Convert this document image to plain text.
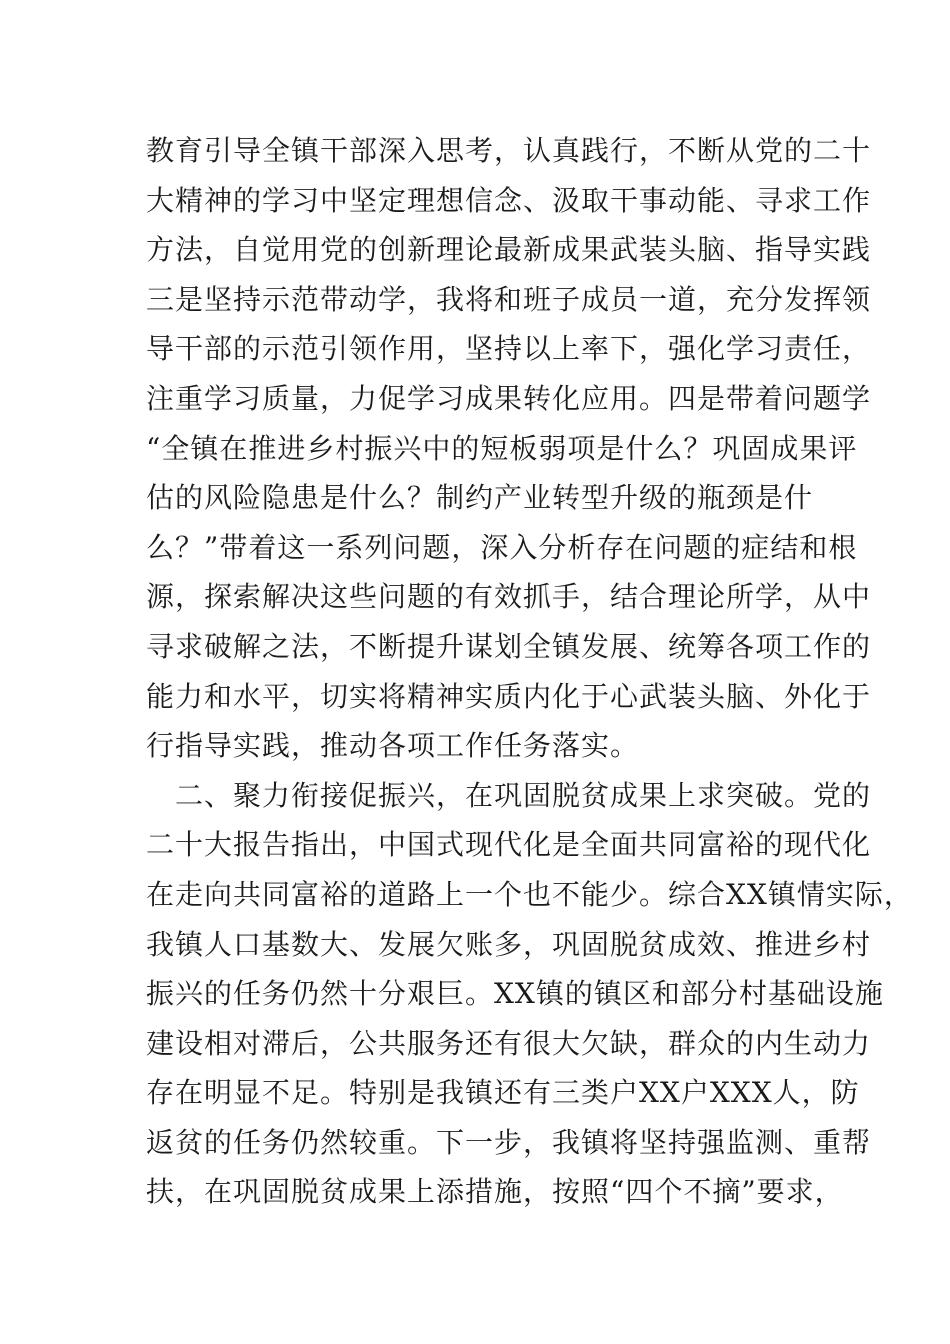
教育引导全镇干部深入思考，认真践行，不断从党的二十
大精神的学习中坚定理想信念、汲取干事动能、寻求工作
方法，自觉用党的创新理论最新成果武装头脑、指导实践
三是坚持示范带动学，我将和班子成员一道，充分发挥领
导干部的示范引领作用，坚持以上率下，强化学习责任，
注重学习质量，力促学习成果转化应用。四是带着问题学
“全镇在推进乡村振兴中的短板弱项是什么？巩固成果评
估的风险隐患是什么？制约产业转型升级的瓶颈是什
么？”带着这一系列问题，深入分析存在问题的症结和根
源，探索解决这些问题的有效抓手，结合理论所学，从中
寻求破解之法，不断提升谋划全镇发展、统筹各项工作的
能力和水平，切实将精神实质内化于心武装头脑、外化于
行指导实践，推动各项工作任务落实。
　二、聚力衔接促振兴，在巩固脱贫成果上求突破。党的
二十大报告指出，中国式现代化是全面共同富裕的现代化
在走向共同富裕的道路上一个也不能少。综合XX镇情实际，
我镇人口基数大、发展欠账多，巩固脱贫成效、推进乡村
振兴的任务仍然十分艰巨。XX镇的镇区和部分村基础设施
建设相对滞后，公共服务还有很大欠缺，群众的内生动力
存在明显不足。特别是我镇还有三类户XX户XXX人，防
返贫的任务仍然较重。下一步，我镇将坚持强监测、重帮
扶，在巩固脱贫成果上添措施，按照“四个不摘”要求，
